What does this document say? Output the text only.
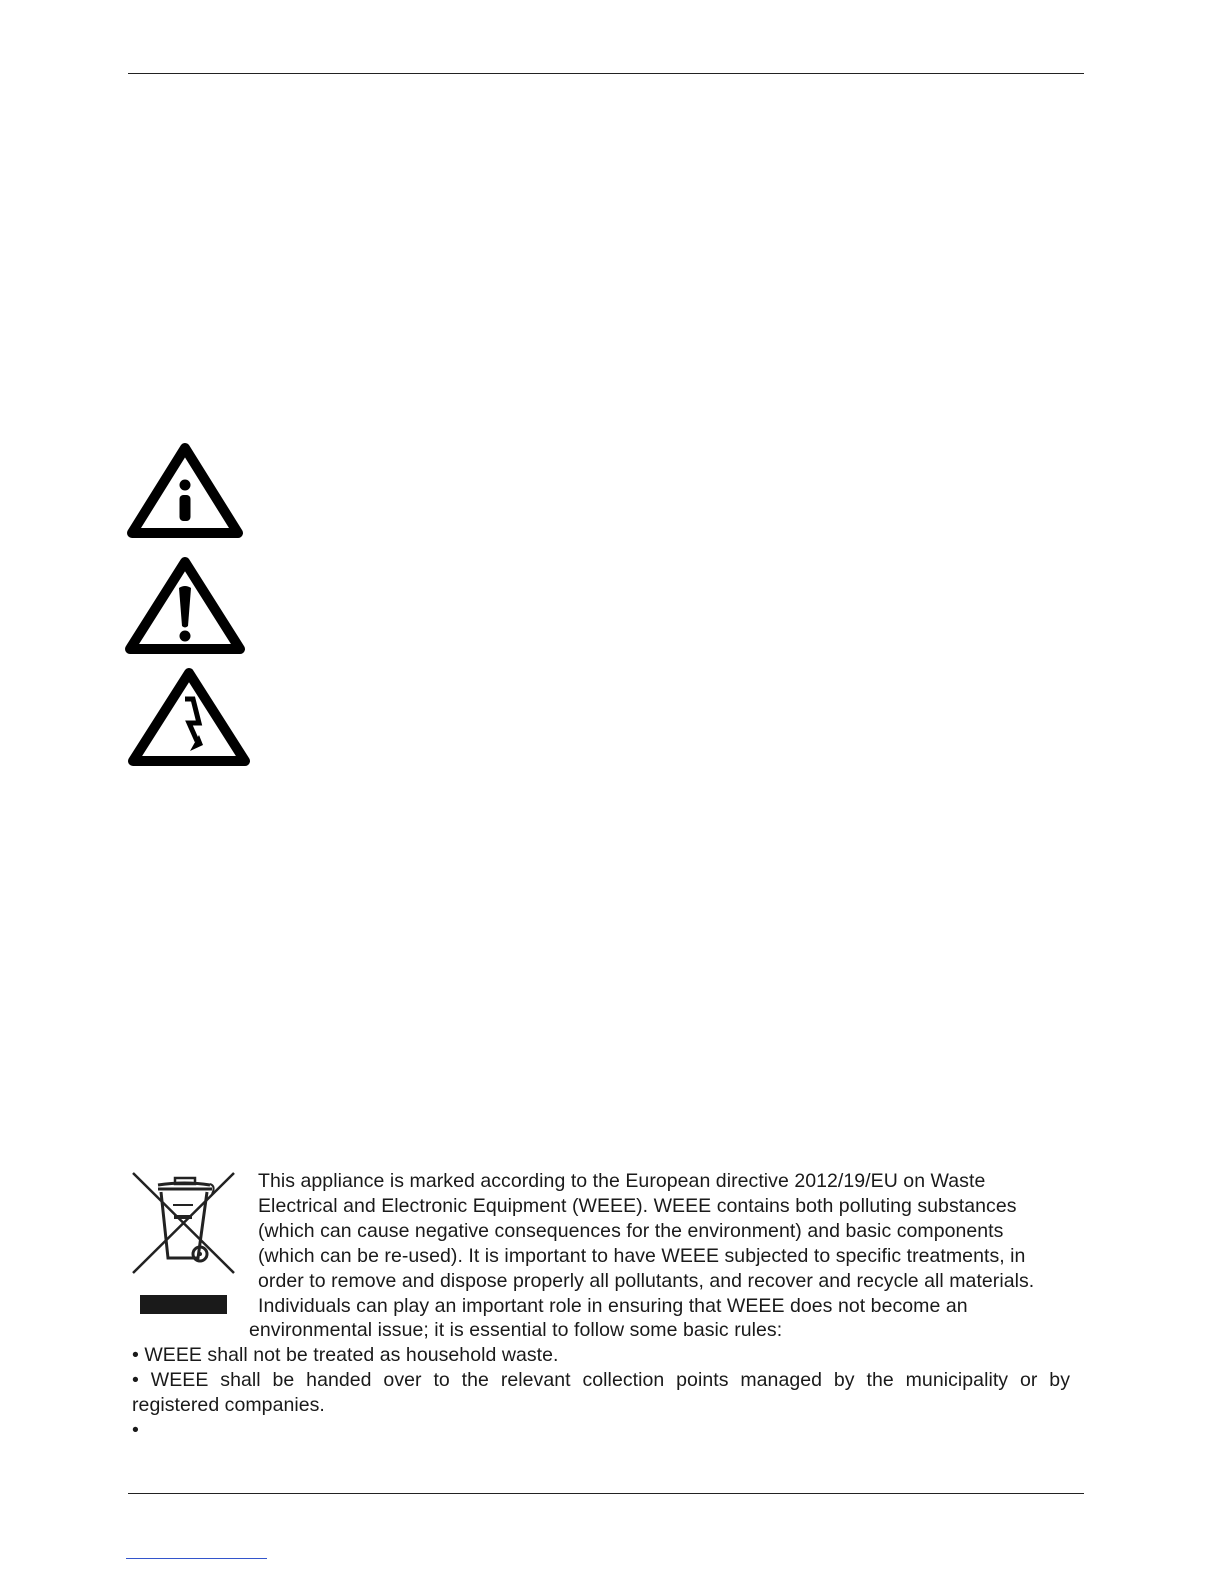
This appliance is marked according to the European directive 2012/19/EU on Waste

Electrical and Electronic Equipment (WEEE). WEEE contains both polluting substances

(which can cause negative consequences for the environment) and basic components

(which can be re-used). It is important to have WEEE subjected to specific treatments, in

order to remove and dispose properly all pollutants, and recover and recycle all materials.

Individuals can play an important role in ensuring that WEEE does not become an

environmental issue; it is essential to follow some basic rules:

• WEEE shall not be treated as household waste.

• WEEE shall be handed over to the relevant collection points managed by the municipality or by

registered companies.

•
